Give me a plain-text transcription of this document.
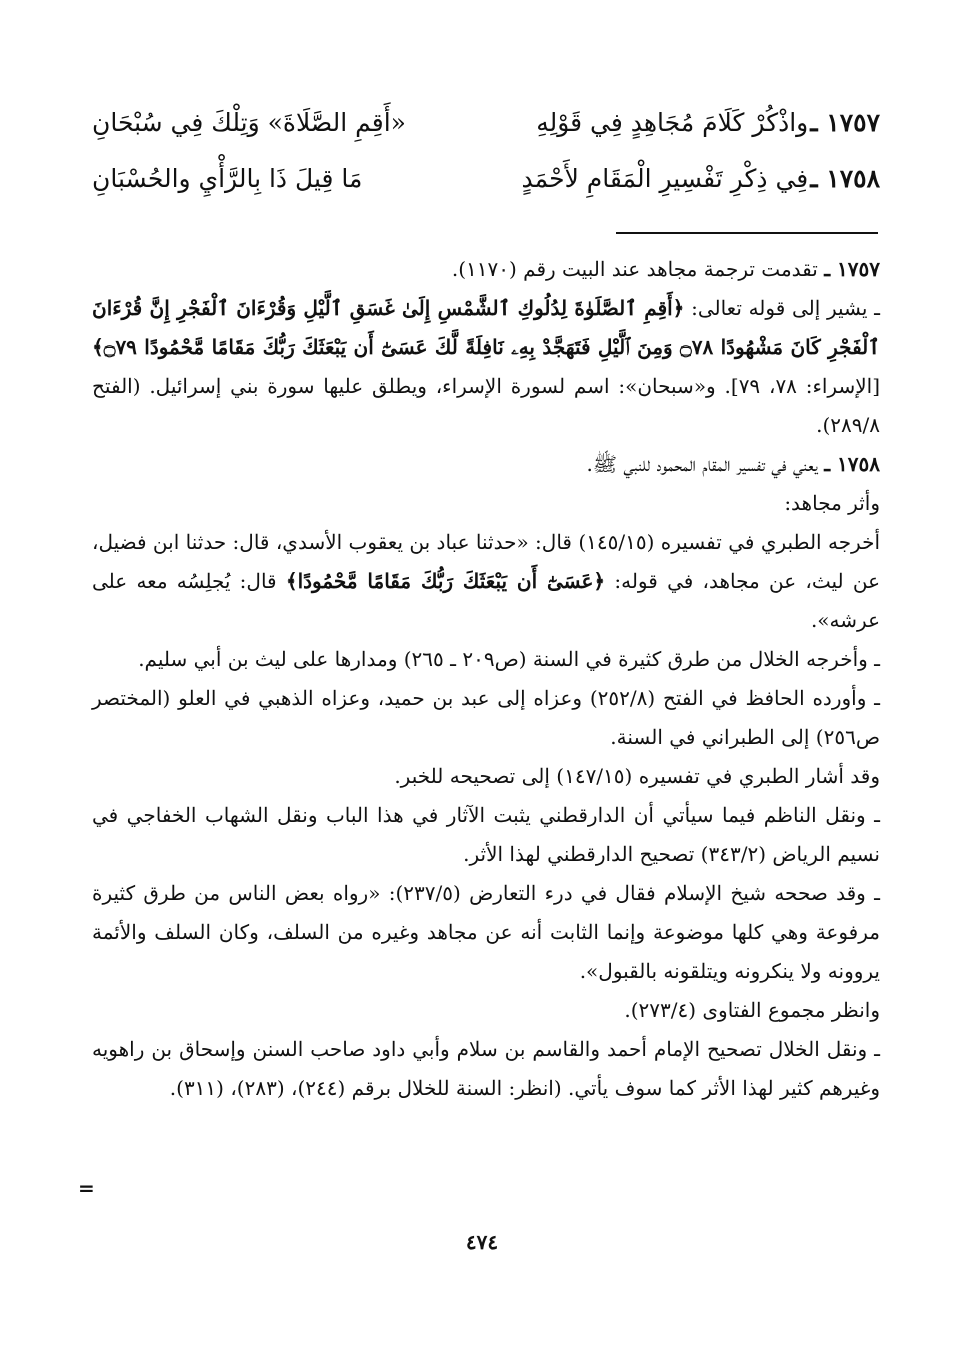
١٧٥٧ ـ
واذْكُرْ كَلَامَ مُجَاهِدٍ فِي قَوْلِهِ
«أَقِمِ الصَّلَاةَ» وَتِلْكَ فِي سُبْحَانِ
١٧٥٨ ـ
فِي ذِكْرِ تَفْسِيرِ الْمَقَامِ لأَحْمَدٍ
مَا قِيلَ ذَا بِالرَّأْيِ والحُسْبَانِ

١٧٥٧ ـ تقدمت ترجمة مجاهد عند البيت رقم (١١٧٠).

ـ يشير إلى قوله تعالى: ﴿أَقِمِ ٱلصَّلَوٰةَ لِدُلُوكِ ٱلشَّمْسِ إِلَىٰ غَسَقِ ٱلَّيْلِ وَقُرْءَانَ ٱلْفَجْرِ إِنَّ قُرْءَانَ ٱلْفَجْرِ كَانَ مَشْهُودًا ۝٧٨ وَمِنَ ٱلَّيْلِ فَتَهَجَّدْ بِهِۦ نَافِلَةً لَّكَ عَسَىٰٓ أَن يَبْعَثَكَ رَبُّكَ مَقَامًا مَّحْمُودًا ۝٧٩﴾ [الإسراء: ٧٨، ٧٩]. و«سبحان»: اسم لسورة الإسراء، ويطلق عليها سورة بني إسرائيل. (الفتح ٢٨٩/٨).

١٧٥٨ ـ يعني في تفسير المقام المحمود للنبي ﷺ.

وأثر مجاهد:

أخرجه الطبري في تفسيره (١٤٥/١٥) قال: «حدثنا عباد بن يعقوب الأسدي، قال: حدثنا ابن فضيل، عن ليث، عن مجاهد، في قوله: ﴿عَسَىٰٓ أَن يَبْعَثَكَ رَبُّكَ مَقَامًا مَّحْمُودًا﴾ قال: يُجلِسُه معه على عرشه».

ـ وأخرجه الخلال من طرق كثيرة في السنة (ص٢٠٩ ـ ٢٦٥) ومدارها على ليث بن أبي سليم.

ـ وأورده الحافظ في الفتح (٢٥٢/٨) وعزاه إلى عبد بن حميد، وعزاه الذهبي في العلو (المختصر ص٢٥٦) إلى الطبراني في السنة.

وقد أشار الطبري في تفسيره (١٤٧/١٥) إلى تصحيحه للخبر.

ـ ونقل الناظم فيما سيأتي أن الدارقطني يثبت الآثار في هذا الباب ونقل الشهاب الخفاجي في نسيم الرياض (٣٤٣/٢) تصحيح الدارقطني لهذا الأثر.

ـ وقد صححه شيخ الإسلام فقال في درء التعارض (٢٣٧/٥): «رواه بعض الناس من طرق كثيرة مرفوعة وهي كلها موضوعة وإنما الثابت أنه عن مجاهد وغيره من السلف، وكان السلف والأئمة يروونه ولا ينكرونه ويتلقونه بالقبول».

وانظر مجموع الفتاوى (٢٧٣/٤).

ـ ونقل الخلال تصحيح الإمام أحمد والقاسم بن سلام وأبي داود صاحب السنن وإسحاق بن راهويه وغيرهم كثير لهذا الأثر كما سوف يأتي. (انظر: السنة للخلال برقم (٢٤٤)، (٢٨٣)، (٣١١).

=
٤٧٤
